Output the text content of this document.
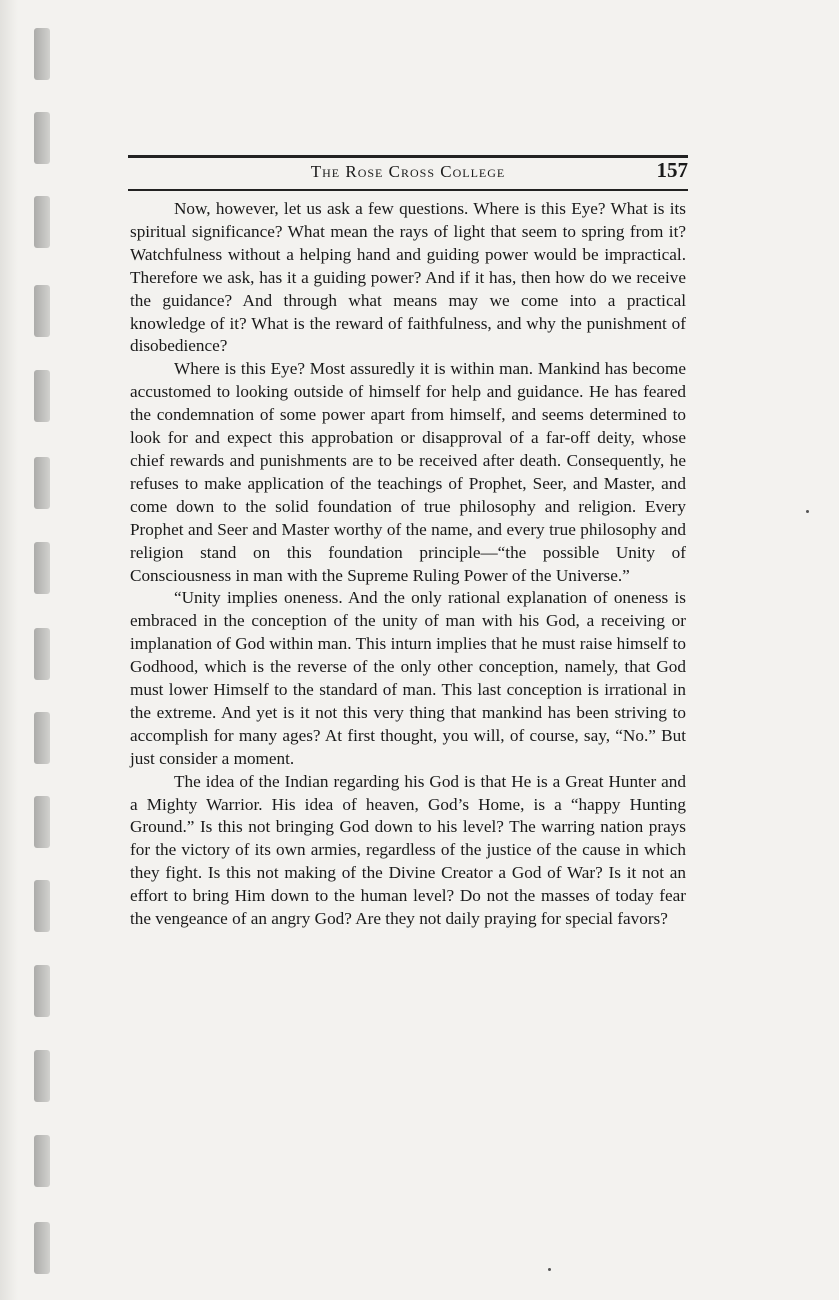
The Rose Cross College	157

Now, however, let us ask a few questions. Where is this Eye? What is its spiritual significance? What mean the rays of light that seem to spring from it? Watchfulness without a helping hand and guiding power would be impractical. Therefore we ask, has it a guiding power? And if it has, then how do we receive the guidance? And through what means may we come into a practical knowledge of it? What is the reward of faithfulness, and why the punishment of disobedience?

Where is this Eye? Most assuredly it is within man. Mankind has become accustomed to looking outside of himself for help and guidance. He has feared the condemnation of some power apart from himself, and seems determined to look for and expect this approbation or disapproval of a far-off deity, whose chief rewards and punishments are to be received after death. Consequently, he refuses to make application of the teachings of Prophet, Seer, and Master, and come down to the solid foundation of true philosophy and religion. Every Prophet and Seer and Master worthy of the name, and every true philosophy and religion stand on this foundation principle—“the possible Unity of Consciousness in man with the Supreme Ruling Power of the Universe.”

“Unity implies oneness. And the only rational explanation of oneness is embraced in the conception of the unity of man with his God, a receiving or implanation of God within man. This inturn implies that he must raise himself to Godhood, which is the reverse of the only other conception, namely, that God must lower Himself to the standard of man. This last conception is irrational in the extreme. And yet is it not this very thing that mankind has been striving to accomplish for many ages? At first thought, you will, of course, say, “No.” But just consider a moment.

The idea of the Indian regarding his God is that He is a Great Hunter and a Mighty Warrior. His idea of heaven, God’s Home, is a “happy Hunting Ground.” Is this not bringing God down to his level? The warring nation prays for the victory of its own armies, regardless of the justice of the cause in which they fight. Is this not making of the Divine Creator a God of War? Is it not an effort to bring Him down to the human level? Do not the masses of today fear the vengeance of an angry God? Are they not daily praying for special favors?
